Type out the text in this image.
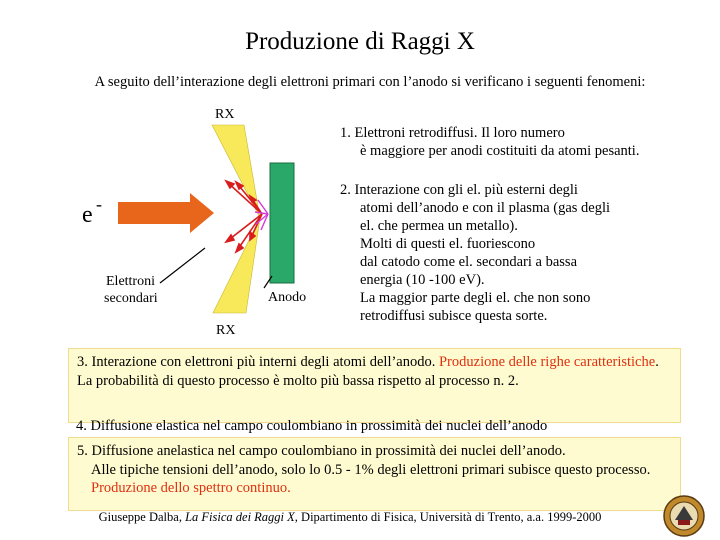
Produzione di Raggi X
A seguito dell’interazione degli elettroni primari con l’anodo si verificano i seguenti fenomeni:
RX
RX
e -
Elettroni
secondari	Anodo
1. Elettroni retrodiffusi. Il loro numero
è maggiore per anodi costituiti da atomi pesanti.
2. Interazione con gli el. più esterni degli
atomi dell’anodo e con il plasma (gas degli
el. che permea un metallo).
Molti di questi el. fuoriescono
dal catodo come el. secondari a bassa
energia (10 -100 eV).
La maggior parte degli el. che non sono
retrodiffusi subisce questa sorte.
3. Interazione con elettroni più interni degli atomi dell’anodo. Produzione delle righe caratteristiche. La probabilità di questo processo è molto più bassa rispetto al processo n. 2.
4. Diffusione elastica nel campo coulombiano in prossimità dei nuclei dell’anodo
5. Diffusione anelastica nel campo coulombiano in prossimità dei nuclei dell’anodo.
Alle tipiche tensioni dell’anodo, solo lo 0.5 - 1% degli elettroni primari subisce questo processo. Produzione dello spettro continuo.
Giuseppe Dalba, La Fisica dei Raggi X, Dipartimento di Fisica, Università di Trento, a.a. 1999-2000
